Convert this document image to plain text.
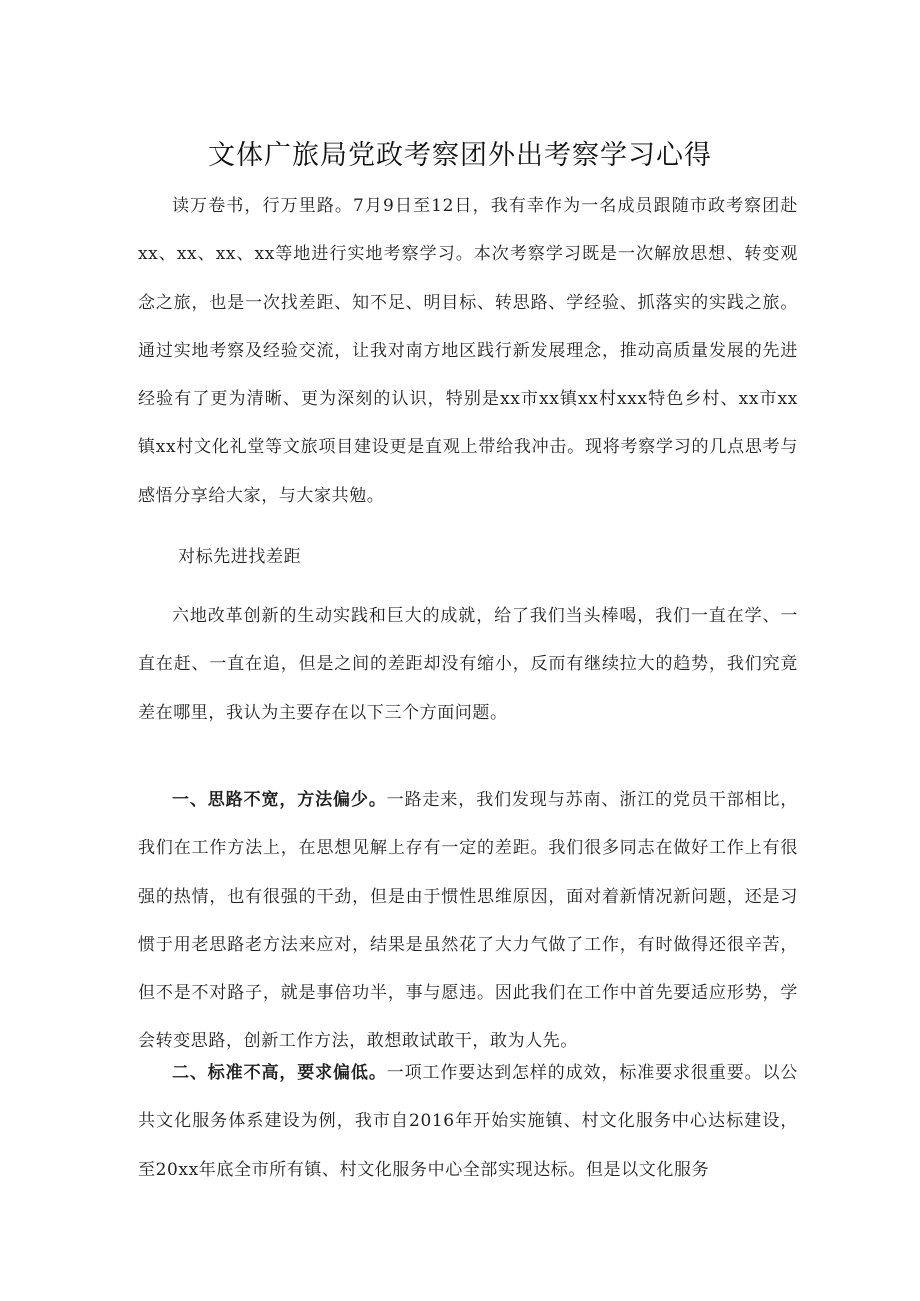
文体广旅局党政考察团外出考察学习心得

读万卷书，行万里路。7月9日至12日，我有幸作为一名成员跟随市政考察团赴xx、xx、xx、xx等地进行实地考察学习。本次考察学习既是一次解放思想、转变观念之旅，也是一次找差距、知不足、明目标、转思路、学经验、抓落实的实践之旅。通过实地考察及经验交流，让我对南方地区践行新发展理念，推动高质量发展的先进经验有了更为清晰、更为深刻的认识，特别是xx市xx镇xx村xxx特色乡村、xx市xx镇xx村文化礼堂等文旅项目建设更是直观上带给我冲击。现将考察学习的几点思考与感悟分享给大家，与大家共勉。

对标先进找差距

六地改革创新的生动实践和巨大的成就，给了我们当头棒喝，我们一直在学、一直在赶、一直在追，但是之间的差距却没有缩小，反而有继续拉大的趋势，我们究竟差在哪里，我认为主要存在以下三个方面问题。

一、思路不宽，方法偏少。一路走来，我们发现与苏南、浙江的党员干部相比，我们在工作方法上，在思想见解上存有一定的差距。我们很多同志在做好工作上有很强的热情，也有很强的干劲，但是由于惯性思维原因，面对着新情况新问题，还是习惯于用老思路老方法来应对，结果是虽然花了大力气做了工作，有时做得还很辛苦，但不是不对路子，就是事倍功半，事与愿违。因此我们在工作中首先要适应形势，学会转变思路，创新工作方法，敢想敢试敢干，敢为人先。

二、标准不高，要求偏低。一项工作要达到怎样的成效，标准要求很重要。以公共文化服务体系建设为例，我市自2016年开始实施镇、村文化服务中心达标建设，至20xx年底全市所有镇、村文化服务中心全部实现达标。但是以文化服务
